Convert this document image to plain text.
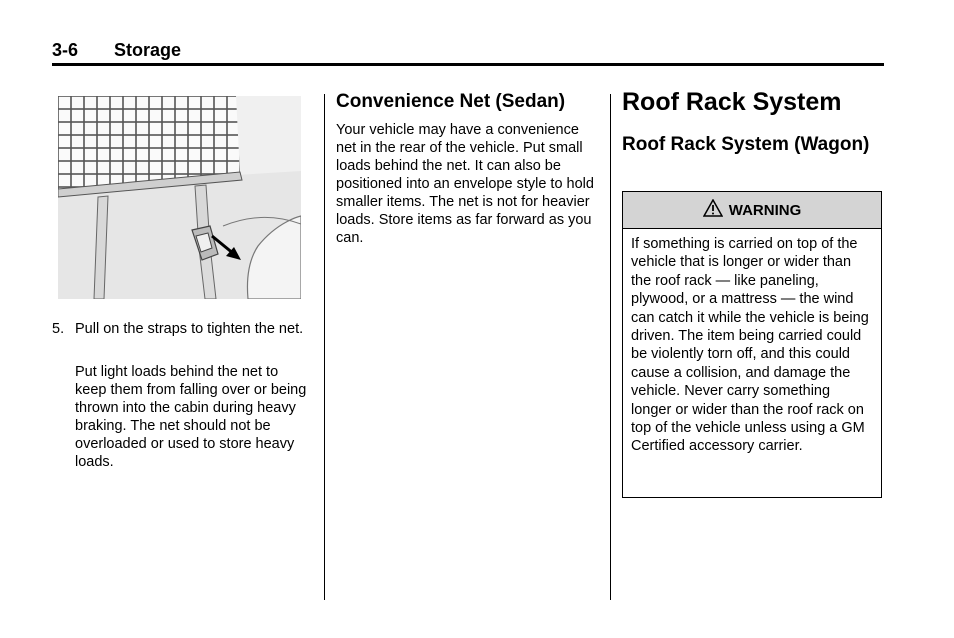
3-6 Storage
5. Pull on the straps to tighten the net.
Put light loads behind the net to keep them from falling over or being thrown into the cabin during heavy braking. The net should not be overloaded or used to store heavy loads.
Convenience Net (Sedan)
Your vehicle may have a convenience net in the rear of the vehicle. Put small loads behind the net. It can also be positioned into an envelope style to hold smaller items. The net is not for heavier loads. Store items as far forward as you can.
Roof Rack System
Roof Rack System (Wagon)
WARNING
If something is carried on top of the vehicle that is longer or wider than the roof rack — like paneling, plywood, or a mattress — the wind can catch it while the vehicle is being driven. The item being carried could be violently torn off, and this could cause a collision, and damage the vehicle. Never carry something longer or wider than the roof rack on top of the vehicle unless using a GM Certified accessory carrier.
